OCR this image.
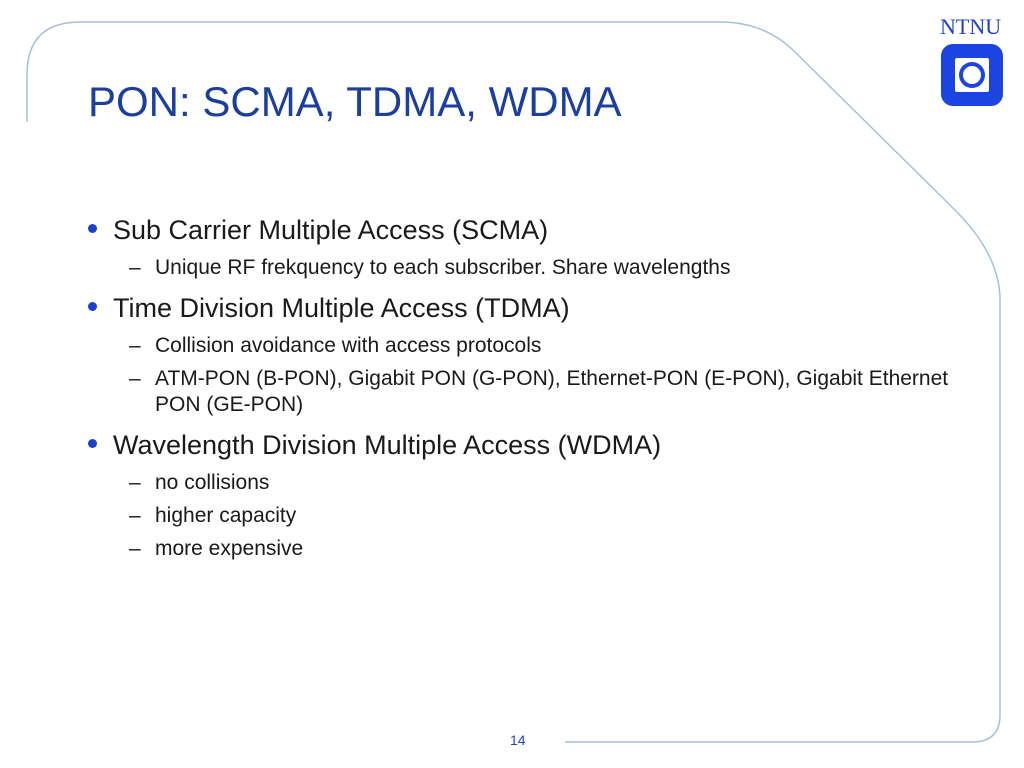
PON: SCMA, TDMA, WDMA
NTNU
Sub Carrier Multiple Access (SCMA)
– Unique RF frekquency to each subscriber. Share wavelengths
Time Division Multiple Access (TDMA)
– Collision avoidance with access protocols
– ATM-PON (B-PON), Gigabit PON (G-PON), Ethernet-PON (E-PON), Gigabit Ethernet PON (GE-PON)
Wavelength Division Multiple Access (WDMA)
– no collisions
– higher capacity
– more expensive
14
